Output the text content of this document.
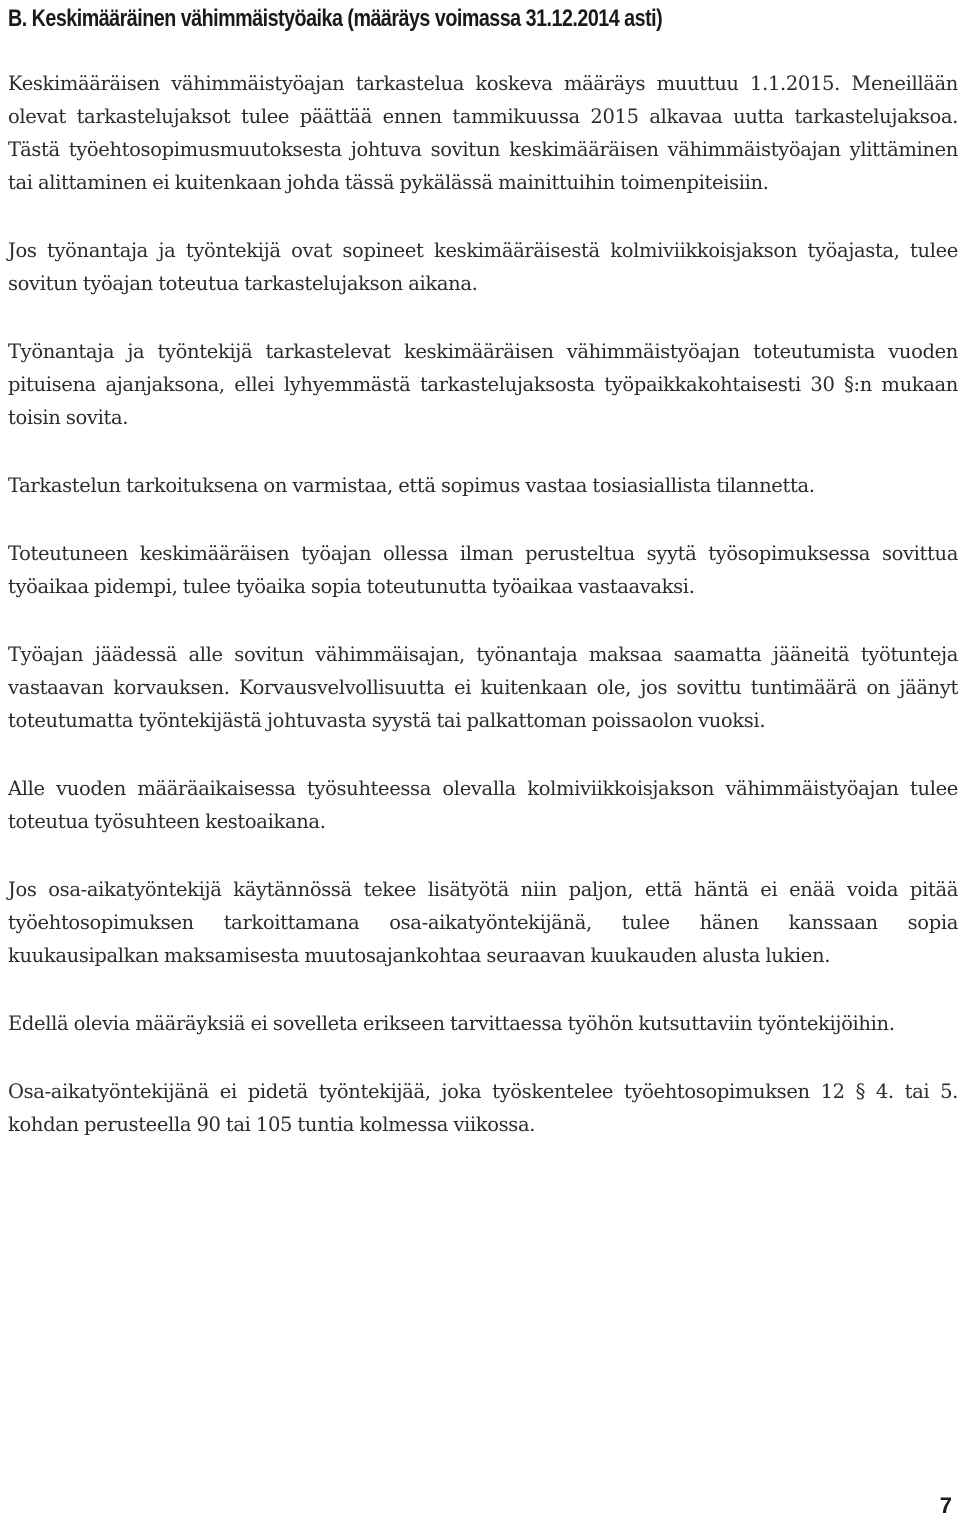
B. Keskimääräinen vähimmäistyöaika (määräys voimassa 31.12.2014 asti)

Keskimääräisen vähimmäistyöajan tarkastelua koskeva määräys muuttuu 1.1.2015. Meneillään olevat tarkastelujaksot tulee päättää ennen tammikuussa 2015 alkavaa uutta tarkastelujaksoa. Tästä työehtosopimusmuutoksesta johtuva sovitun keskimääräisen vähimmäistyöajan ylittäminen tai alittaminen ei kuitenkaan johda tässä pykälässä mainittuihin toimenpiteisiin.

Jos työnantaja ja työntekijä ovat sopineet keskimääräisestä kolmiviikkoisjakson työajasta, tulee sovitun työajan toteutua tarkastelujakson aikana.

Työnantaja ja työntekijä tarkastelevat keskimääräisen vähimmäistyöajan toteutumista vuoden pituisena ajanjaksona, ellei lyhyemmästä tarkastelujaksosta työpaikkakohtaisesti 30 §:n mukaan toisin sovita.

Tarkastelun tarkoituksena on varmistaa, että sopimus vastaa tosiasiallista tilannetta.

Toteutuneen keskimääräisen työajan ollessa ilman perusteltua syytä työsopimuksessa sovittua työaikaa pidempi, tulee työaika sopia toteutunutta työaikaa vastaavaksi.

Työajan jäädessä alle sovitun vähimmäisajan, työnantaja maksaa saamatta jääneitä työtunteja vastaavan korvauksen. Korvausvelvollisuutta ei kuitenkaan ole, jos sovittu tuntimäärä on jäänyt toteutumatta työntekijästä johtuvasta syystä tai palkattoman poissaolon vuoksi.

Alle vuoden määräaikaisessa työsuhteessa olevalla kolmiviikkoisjakson vähimmäistyöajan tulee toteutua työsuhteen kestoaikana.

Jos osa-aikatyöntekijä käytännössä tekee lisätyötä niin paljon, että häntä ei enää voida pitää työehtosopimuksen tarkoittamana osa-aikatyöntekijänä, tulee hänen kanssaan sopia kuukausipalkan maksamisesta muutosajankohtaa seuraavan kuukauden alusta lukien.

Edellä olevia määräyksiä ei sovelleta erikseen tarvittaessa työhön kutsuttaviin työntekijöihin.

Osa-aikatyöntekijänä ei pidetä työntekijää, joka työskentelee työehtosopimuksen 12 § 4. tai 5. kohdan perusteella 90 tai 105 tuntia kolmessa viikossa.

7
